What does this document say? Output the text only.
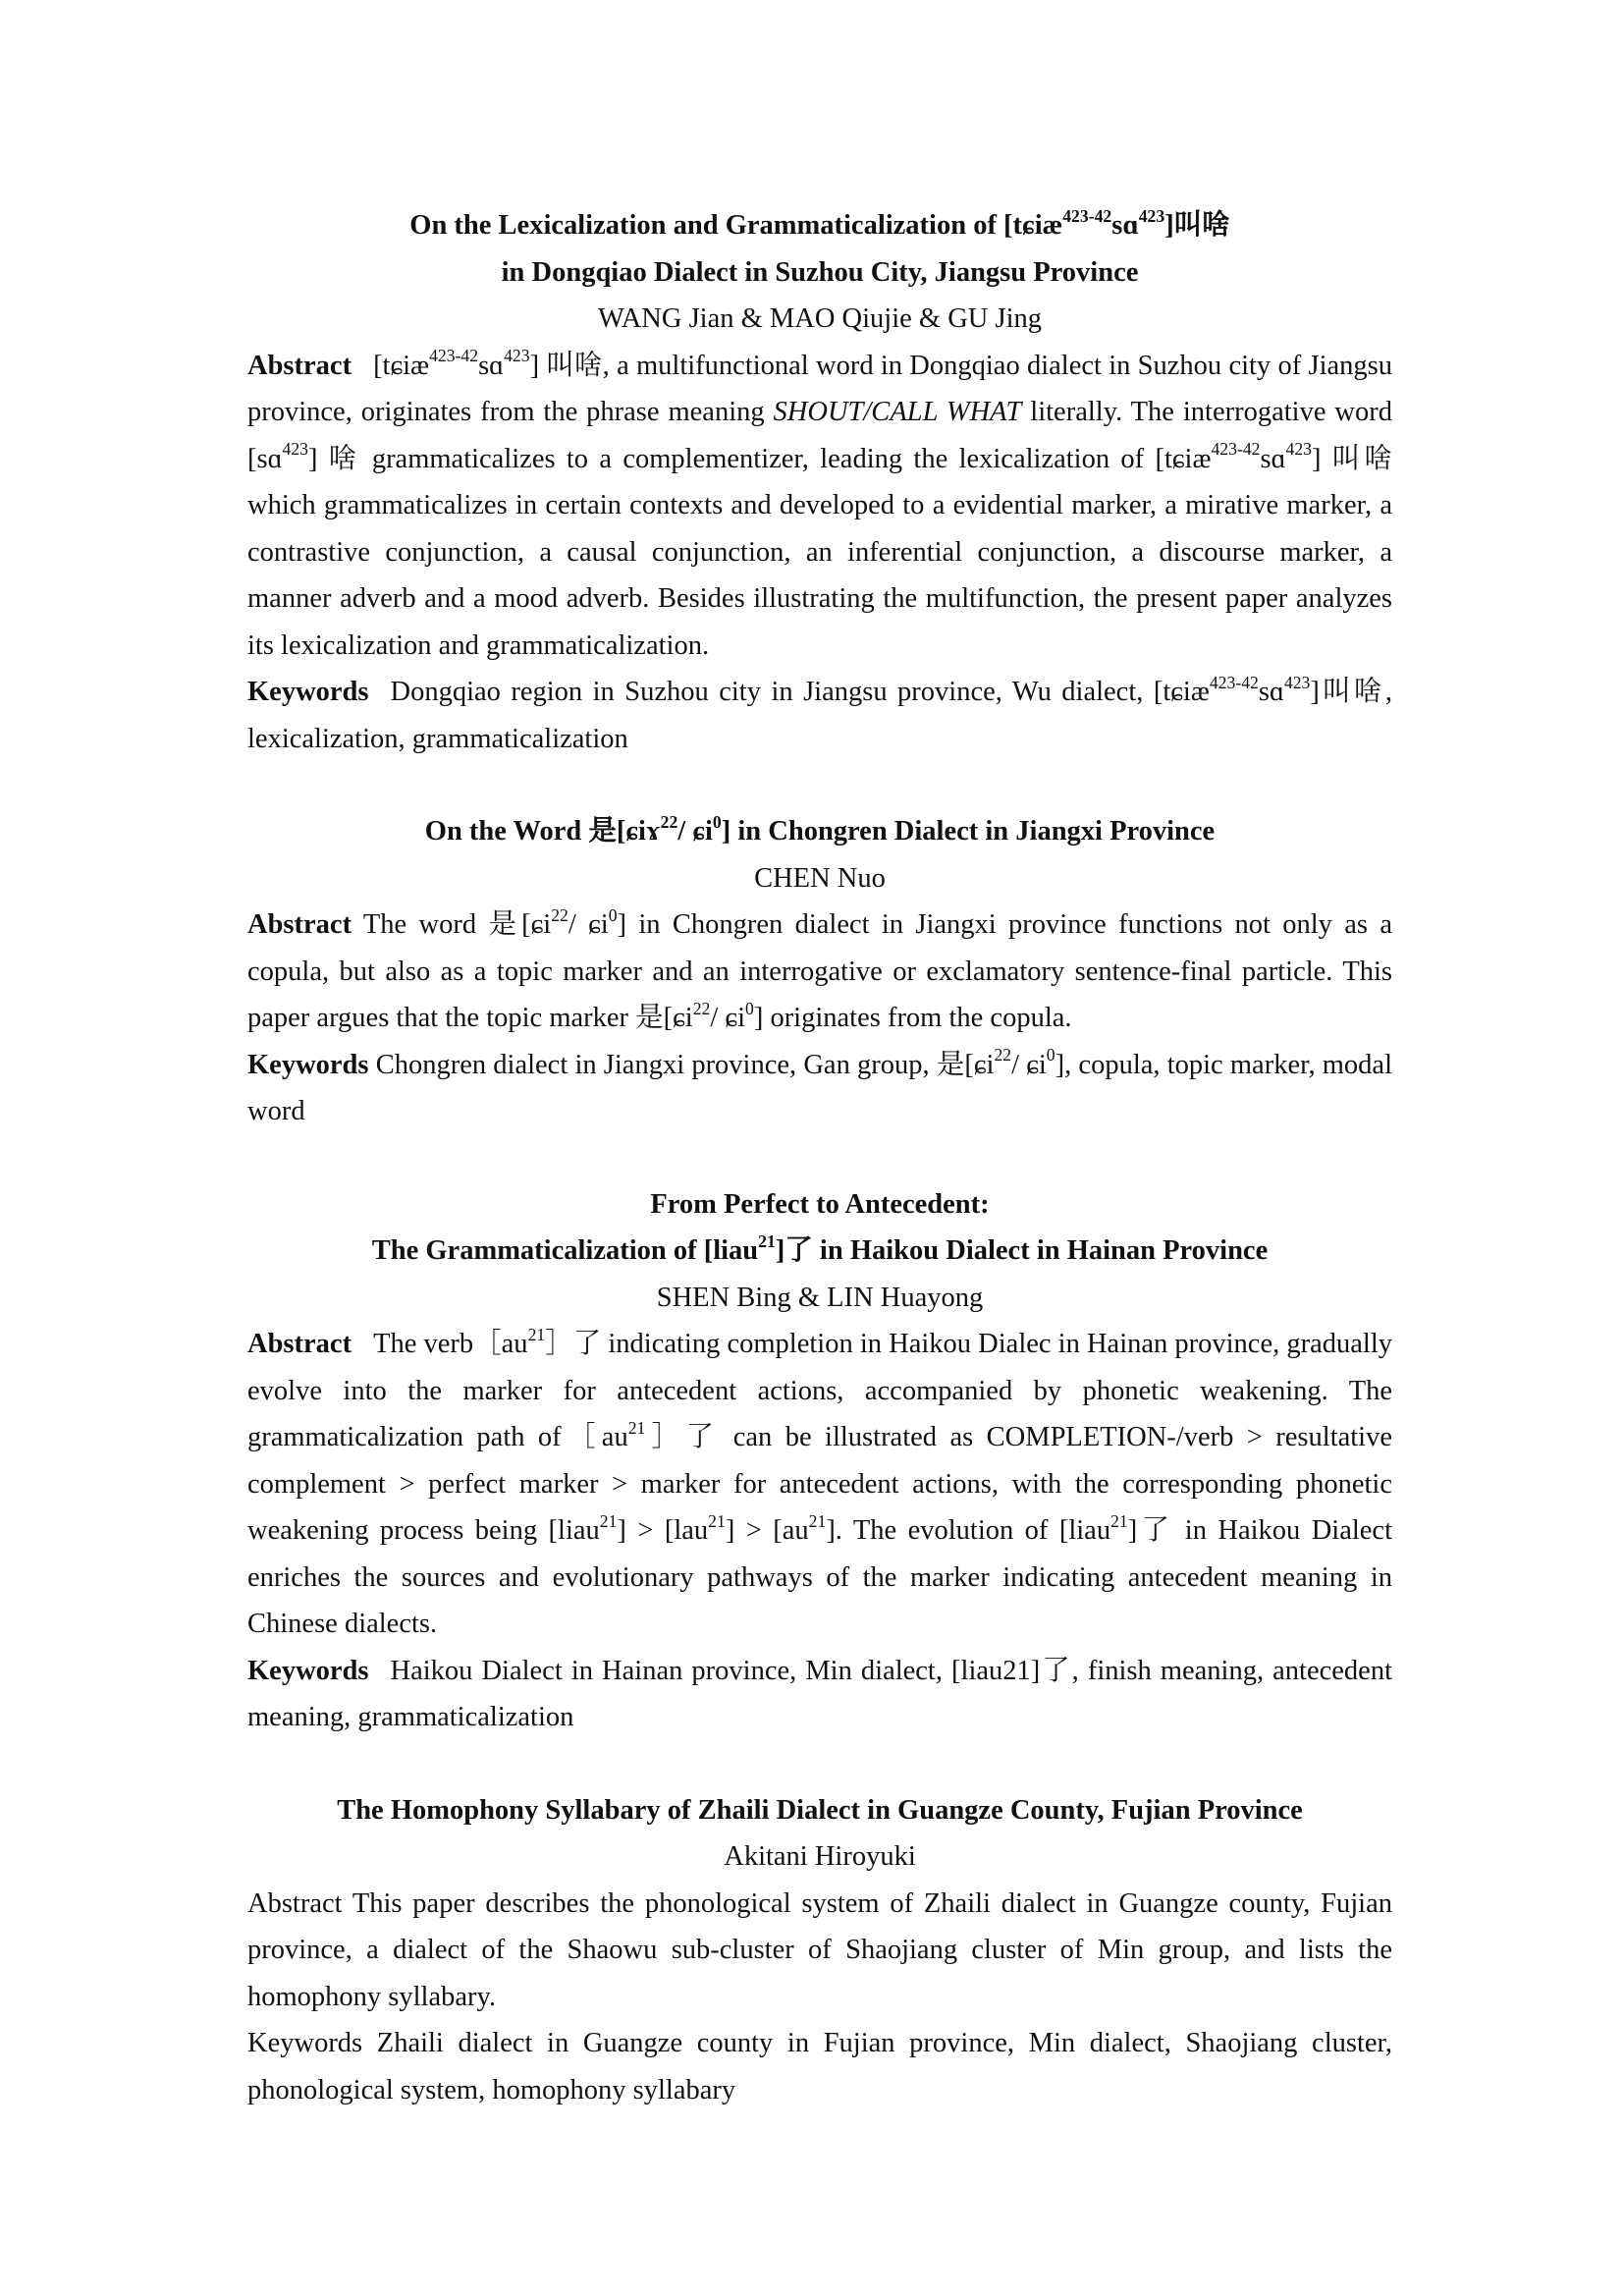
On the Lexicalization and Grammaticalization of [tɕiæ$^{423-42}$sɑ$^{423}$]叫啥
in Dongqiao Dialect in Suzhou City, Jiangsu Province

WANG Jian & MAO Qiujie & GU Jing

Abstract [tɕiæ$^{423-42}$sɑ$^{423}$] 叫啥, a multifunctional word in Dongqiao dialect in Suzhou city of Jiangsu province, originates from the phrase meaning SHOUT/CALL WHAT literally. The interrogative word [sɑ$^{423}$] 啥 grammaticalizes to a complementizer, leading the lexicalization of [tɕiæ$^{423-42}$sɑ$^{423}$] 叫啥 which grammaticalizes in certain contexts and developed to a evidential marker, a mirative marker, a contrastive conjunction, a causal conjunction, an inferential conjunction, a discourse marker, a manner adverb and a mood adverb. Besides illustrating the multifunction, the present paper analyzes its lexicalization and grammaticalization.

Keywords Dongqiao region in Suzhou city in Jiangsu province, Wu dialect, [tɕiæ$^{423-42}$sɑ$^{423}$]叫啥, lexicalization, grammaticalization

On the Word 是[ɕiɤ$^{22}$/ ɕi$^0$] in Chongren Dialect in Jiangxi Province

CHEN Nuo

Abstract The word 是[ɕi$^{22}$/ ɕi$^0$] in Chongren dialect in Jiangxi province functions not only as a copula, but also as a topic marker and an interrogative or exclamatory sentence-final particle. This paper argues that the topic marker 是[ɕi$^{22}$/ ɕi$^0$] originates from the copula.

Keywords Chongren dialect in Jiangxi province, Gan group, 是[ɕi$^{22}$/ ɕi$^0$], copula, topic marker, modal word

From Perfect to Antecedent:
The Grammaticalization of [liau$^{21}$]了 in Haikou Dialect in Hainan Province

SHEN Bing & LIN Huayong

Abstract The $verb[au^{21}]$了 indicating completion in Haikou Dialec in Hainan province, gradually evolve into the marker for antecedent actions, accompanied by phonetic weakening. The grammaticalization path $of[au^{21}]$了 can be illustrated as COMPLETION-/verb > resultative complement > perfect marker > marker for antecedent actions, with the corresponding phonetic weakening process being [liau$^{21}$] > $[lau^{21}] > [au^{21}]$. The evolution of [liau$^{21}$]了 in Haikou Dialect enriches the sources and evolutionary pathways of the marker indicating antecedent meaning in Chinese dialects.

Keywords Haikou Dialect in Hainan province, Min dialect, [liau21]了, finish meaning, antecedent meaning, grammaticalization

The Homophony Syllabary of Zhaili Dialect in Guangze County, Fujian Province

Akitani Hiroyuki

Abstract This paper describes the phonological system of Zhaili dialect in Guangze county, Fujian province, a dialect of the Shaowu sub-cluster of Shaojiang cluster of Min group, and lists the homophony syllabary.

Keywords Zhaili dialect in Guangze county in Fujian province, Min dialect, Shaojiang cluster, phonological system, homophony syllabary
